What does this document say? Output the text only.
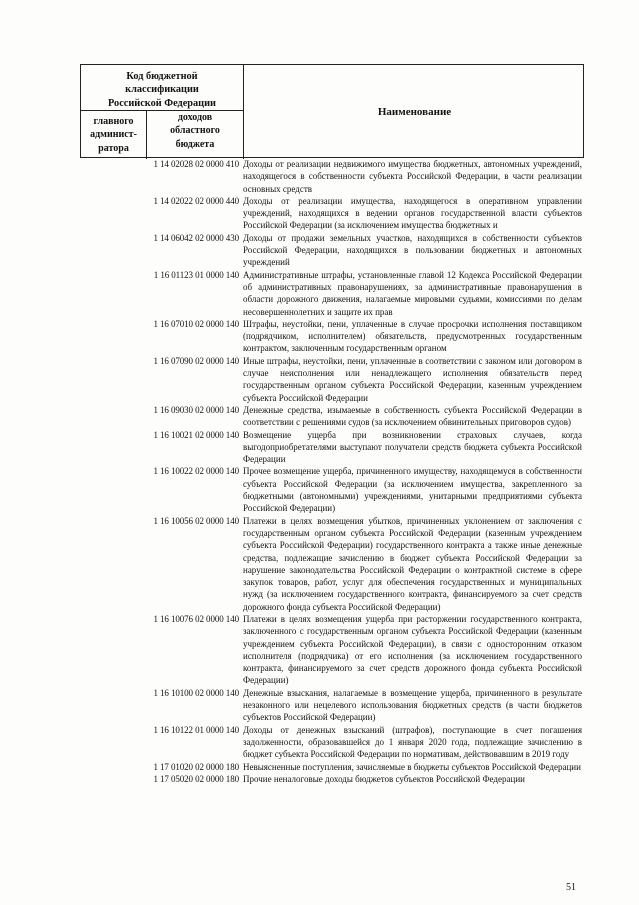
Код бюджетной
классификации
Российской Федерации
главного
админист-
ратора
доходов
областного
бюджета
Наименование
1 14 02028 02 0000 410 Доходы от реализации недвижимого имущества бюджетных, автономных учреждений, находящегося в собственности субъекта Российской Федерации, в части реализации основных средств
1 14 02022 02 0000 440 Доходы от реализации имущества, находящегося в оперативном управлении учреждений, находящихся в ведении органов государственной власти субъектов Российской Федерации (за исключением имущества бюджетных и
1 14 06042 02 0000 430 Доходы от продажи земельных участков, находящихся в собственности субъектов Российской Федерации, находящихся в пользовании бюджетных и автономных учреждений
1 16 01123 01 0000 140 Административные штрафы, установленные главой 12 Кодекса Российской Федерации об административных правонарушениях, за административные правонарушения в области дорожного движения, налагаемые мировыми судьями, комиссиями по делам несовершеннолетних и защите их прав
1 16 07010 02 0000 140 Штрафы, неустойки, пени, уплаченные в случае просрочки исполнения поставщиком (подрядчиком, исполнителем) обязательств, предусмотренных государственным контрактом, заключенным государственным органом
1 16 07090 02 0000 140 Иные штрафы, неустойки, пени, уплаченные в соответствии с законом или договором в случае неисполнения или ненадлежащего исполнения обязательств перед государственным органом субъекта Российской Федерации, казенным учреждением субъекта Российской Федерации
1 16 09030 02 0000 140 Денежные средства, изымаемые в собственность субъекта Российской Федерации в соответствии с решениями судов (за исключением обвинительных приговоров судов)
1 16 10021 02 0000 140 Возмещение ущерба при возникновении страховых случаев, когда выгодоприобретателями выступают получатели средств бюджета субъекта Российской Федерации
1 16 10022 02 0000 140 Прочее возмещение ущерба, причиненного имуществу, находящемуся в собственности субъекта Российской Федерации (за исключением имущества, закрепленного за бюджетными (автономными) учреждениями, унитарными предприятиями субъекта Российской Федерации)
1 16 10056 02 0000 140 Платежи в целях возмещения убытков, причиненных уклонением от заключения с государственным органом субъекта Российской Федерации (казенным учреждением субъекта Российской Федерации) государственного контракта а также иные денежные средства, подлежащие зачислению в бюджет субъекта Российской Федерации за нарушение законодательства Российской Федерации о контрактной системе в сфере закупок товаров, работ, услуг для обеспечения государственных и муниципальных нужд (за исключением государственного контракта, финансируемого за счет средств дорожного фонда субъекта Российской Федерации)
1 16 10076 02 0000 140 Платежи в целях возмещения ущерба при расторжении государственного контракта, заключенного с государственным органом субъекта Российской Федерации (казенным учреждением субъекта Российской Федерации), в связи с односторонним отказом исполнителя (подрядчика) от его исполнения (за исключением государственного контракта, финансируемого за счет средств дорожного фонда субъекта Российской Федерации)
1 16 10100 02 0000 140 Денежные взыскания, налагаемые в возмещение ущерба, причиненного в результате незаконного или нецелевого использования бюджетных средств (в части бюджетов субъектов Российской Федерации)
1 16 10122 01 0000 140 Доходы от денежных взысканий (штрафов), поступающие в счет погашения задолженности, образовавшейся до 1 января 2020 года, подлежащие зачислению в бюджет субъекта Российской Федерации по нормативам, действовавшим в 2019 году
1 17 01020 02 0000 180 Невыясненные поступления, зачисляемые в бюджеты субъектов Российской Федерации
1 17 05020 02 0000 180 Прочие неналоговые доходы бюджетов субъектов Российской Федерации
51
